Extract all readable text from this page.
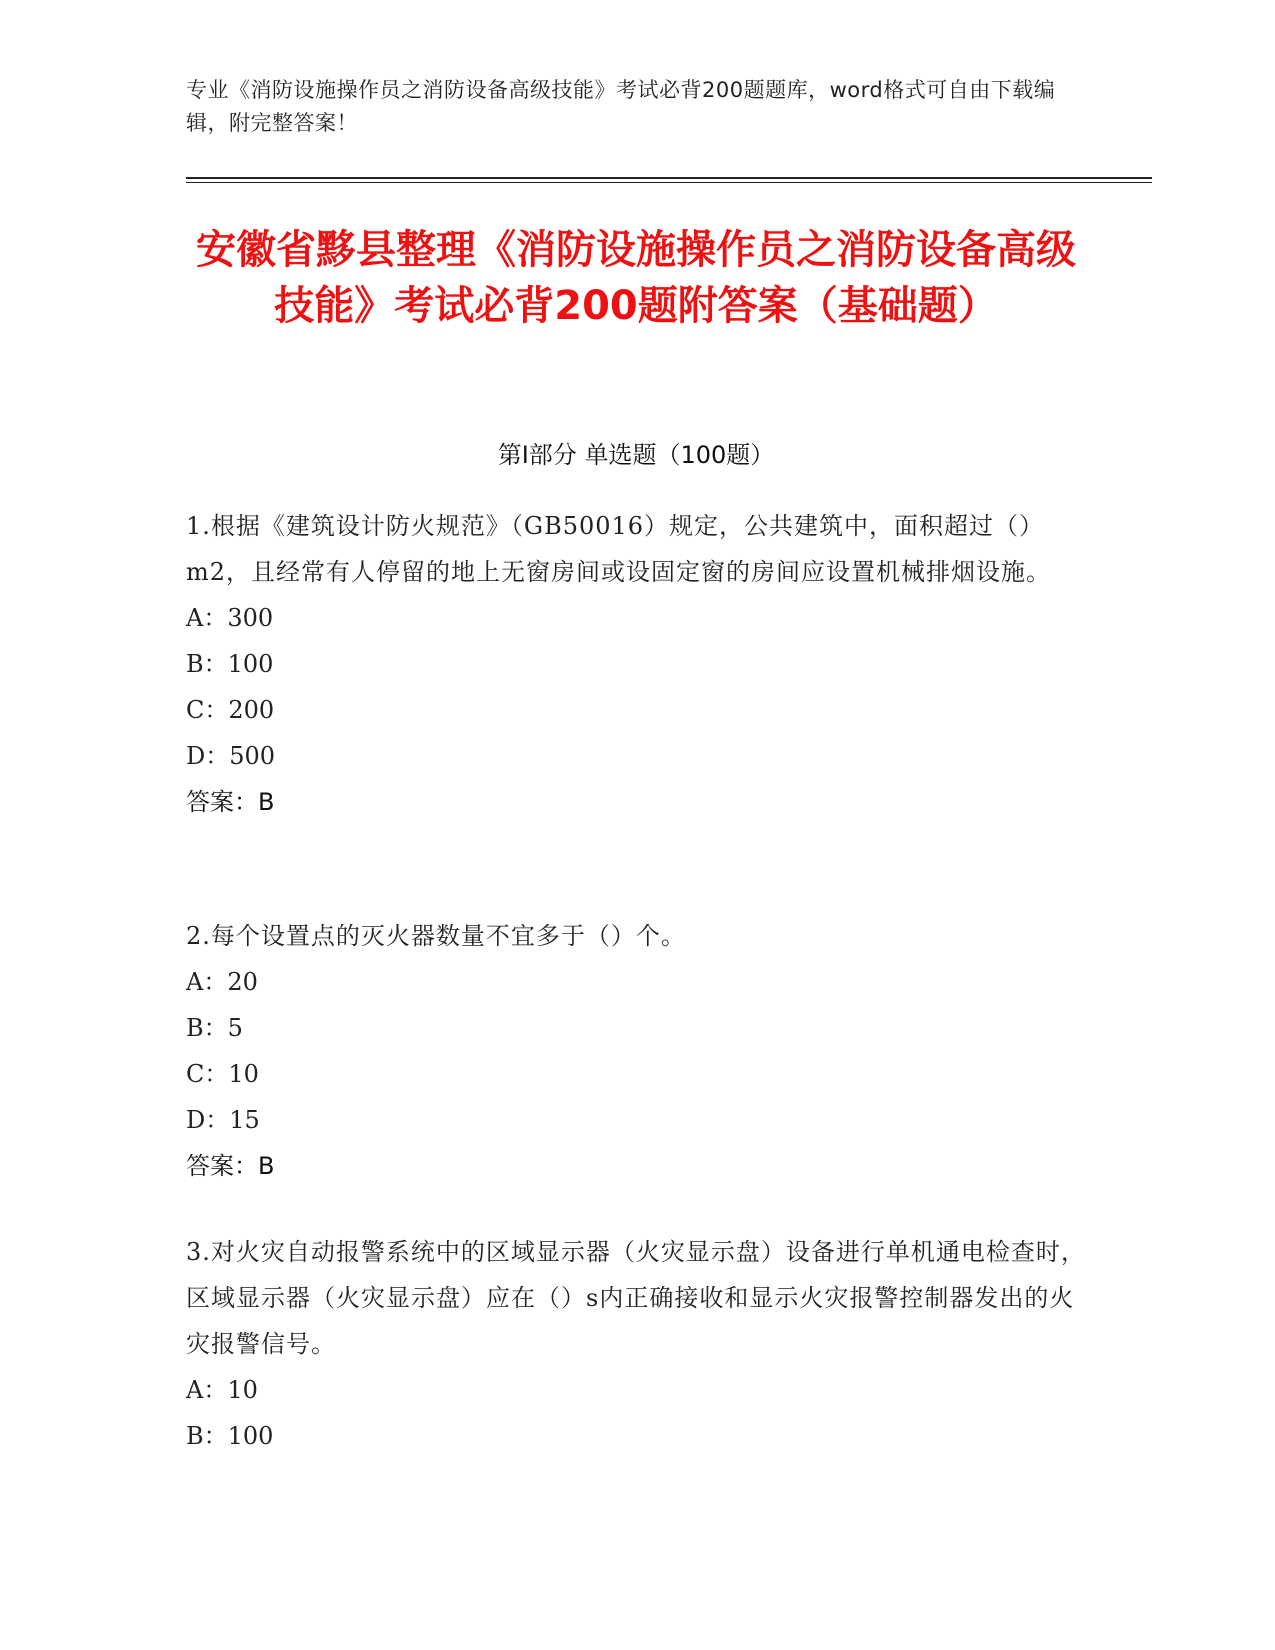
专业《消防设施操作员之消防设备高级技能》考试必背200题题库，word格式可自由下载编辑，附完整答案！
安徽省黟县整理《消防设施操作员之消防设备高级技能》考试必背200题附答案（基础题）
第Ⅰ部分 单选题（100题）

1.根据《建筑设计防火规范》（GB50016）规定，公共建筑中，面积超过（）m2，且经常有人停留的地上无窗房间或设固定窗的房间应设置机械排烟设施。

A：300

B：100

C：200

D：500

答案：B

2.每个设置点的灭火器数量不宜多于（）个。

A：20

B：5

C：10

D：15

答案：B

3.对火灾自动报警系统中的区域显示器（火灾显示盘）设备进行单机通电检查时，区域显示器（火灾显示盘）应在（）s内正确接收和显示火灾报警控制器发出的火灾报警信号。

A：10

B：100
